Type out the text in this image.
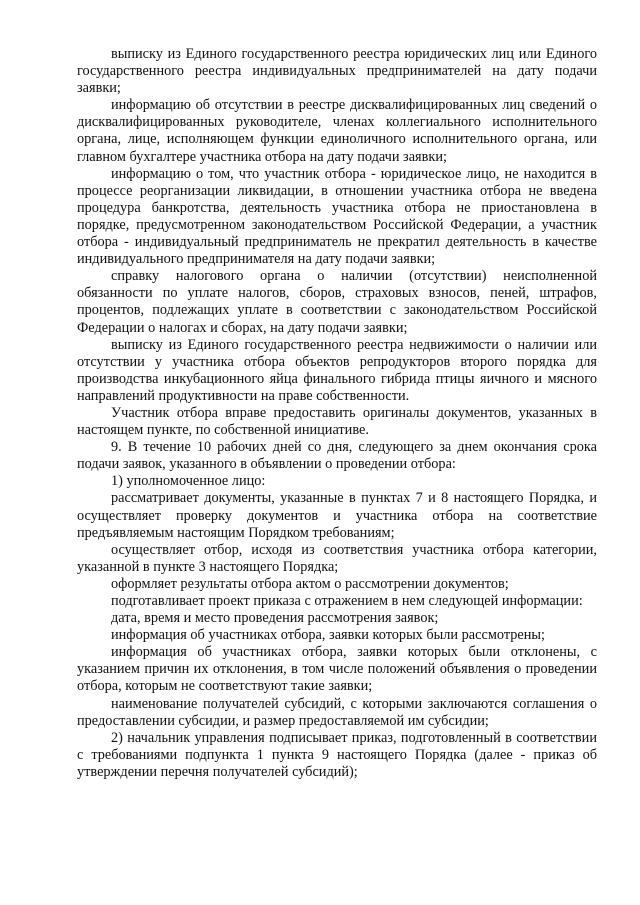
выписку из Единого государственного реестра юридических лиц или Единого государственного реестра индивидуальных предпринимателей на дату подачи заявки;

информацию об отсутствии в реестре дисквалифицированных лиц сведений о дисквалифицированных руководителе, членах коллегиального исполнительного органа, лице, исполняющем функции единоличного исполнительного органа, или главном бухгалтере участника отбора на дату подачи заявки;

информацию о том, что участник отбора - юридическое лицо, не находится в процессе реорганизации ликвидации, в отношении участника отбора не введена процедура банкротства, деятельность участника отбора не приостановлена в порядке, предусмотренном законодательством Российской Федерации, а участник отбора - индивидуальный предприниматель не прекратил деятельность в качестве индивидуального предпринимателя на дату подачи заявки;

справку налогового органа о наличии (отсутствии) неисполненной обязанности по уплате налогов, сборов, страховых взносов, пеней, штрафов, процентов, подлежащих уплате в соответствии с законодательством Российской Федерации о налогах и сборах, на дату подачи заявки;

выписку из Единого государственного реестра недвижимости о наличии или отсутствии у участника отбора объектов репродукторов второго порядка для производства инкубационного яйца финального гибрида птицы яичного и мясного направлений продуктивности на праве собственности.

Участник отбора вправе предоставить оригиналы документов, указанных в настоящем пункте, по собственной инициативе.

9. В течение 10 рабочих дней со дня, следующего за днем окончания срока подачи заявок, указанного в объявлении о проведении отбора:

1) уполномоченное лицо:

рассматривает документы, указанные в пунктах 7 и 8 настоящего Порядка, и осуществляет проверку документов и участника отбора на соответствие предъявляемым настоящим Порядком требованиям;

осуществляет отбор, исходя из соответствия участника отбора категории, указанной в пункте 3 настоящего Порядка;

оформляет результаты отбора актом о рассмотрении документов;

подготавливает проект приказа с отражением в нем следующей информации:

дата, время и место проведения рассмотрения заявок;

информация об участниках отбора, заявки которых были рассмотрены;

информация об участниках отбора, заявки которых были отклонены, с указанием причин их отклонения, в том числе положений объявления о проведении отбора, которым не соответствуют такие заявки;

наименование получателей субсидий, с которыми заключаются соглашения о предоставлении субсидии, и размер предоставляемой им субсидии;

2) начальник управления подписывает приказ, подготовленный в соответствии с требованиями подпункта 1 пункта 9 настоящего Порядка (далее - приказ об утверждении перечня получателей субсидий);
